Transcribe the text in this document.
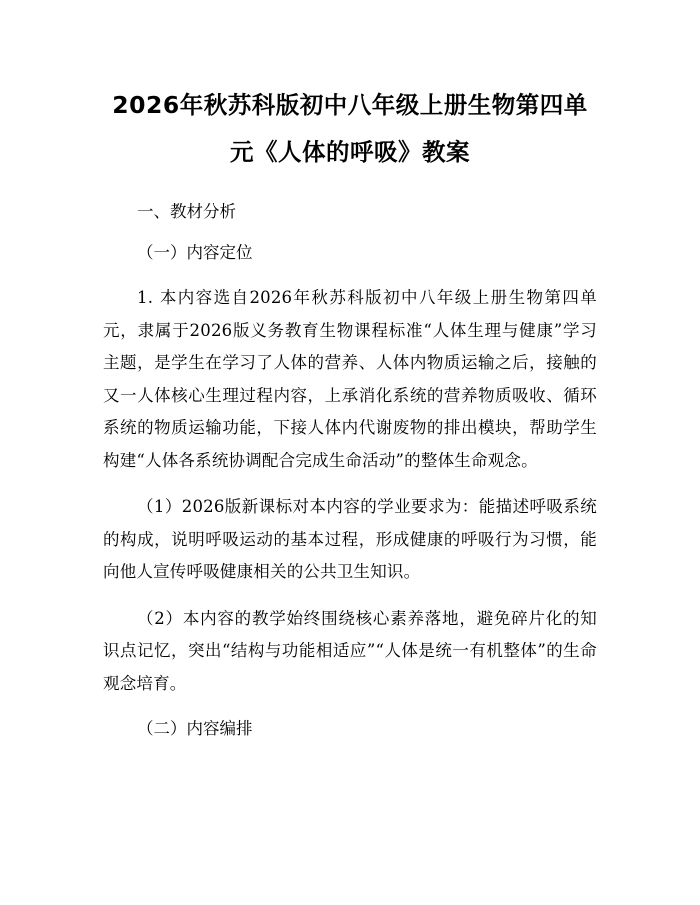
2026年秋苏科版初中八年级上册生物第四单元《人体的呼吸》教案

一、教材分析

（一）内容定位

1. 本内容选自2026年秋苏科版初中八年级上册生物第四单元，隶属于2026版义务教育生物课程标准“人体生理与健康”学习主题，是学生在学习了人体的营养、人体内物质运输之后，接触的又一人体核心生理过程内容，上承消化系统的营养物质吸收、循环系统的物质运输功能，下接人体内代谢废物的排出模块，帮助学生构建“人体各系统协调配合完成生命活动”的整体生命观念。

（1）2026版新课标对本内容的学业要求为：能描述呼吸系统的构成，说明呼吸运动的基本过程，形成健康的呼吸行为习惯，能向他人宣传呼吸健康相关的公共卫生知识。

（2）本内容的教学始终围绕核心素养落地，避免碎片化的知识点记忆，突出“结构与功能相适应”“人体是统一有机整体”的生命观念培育。

（二）内容编排
